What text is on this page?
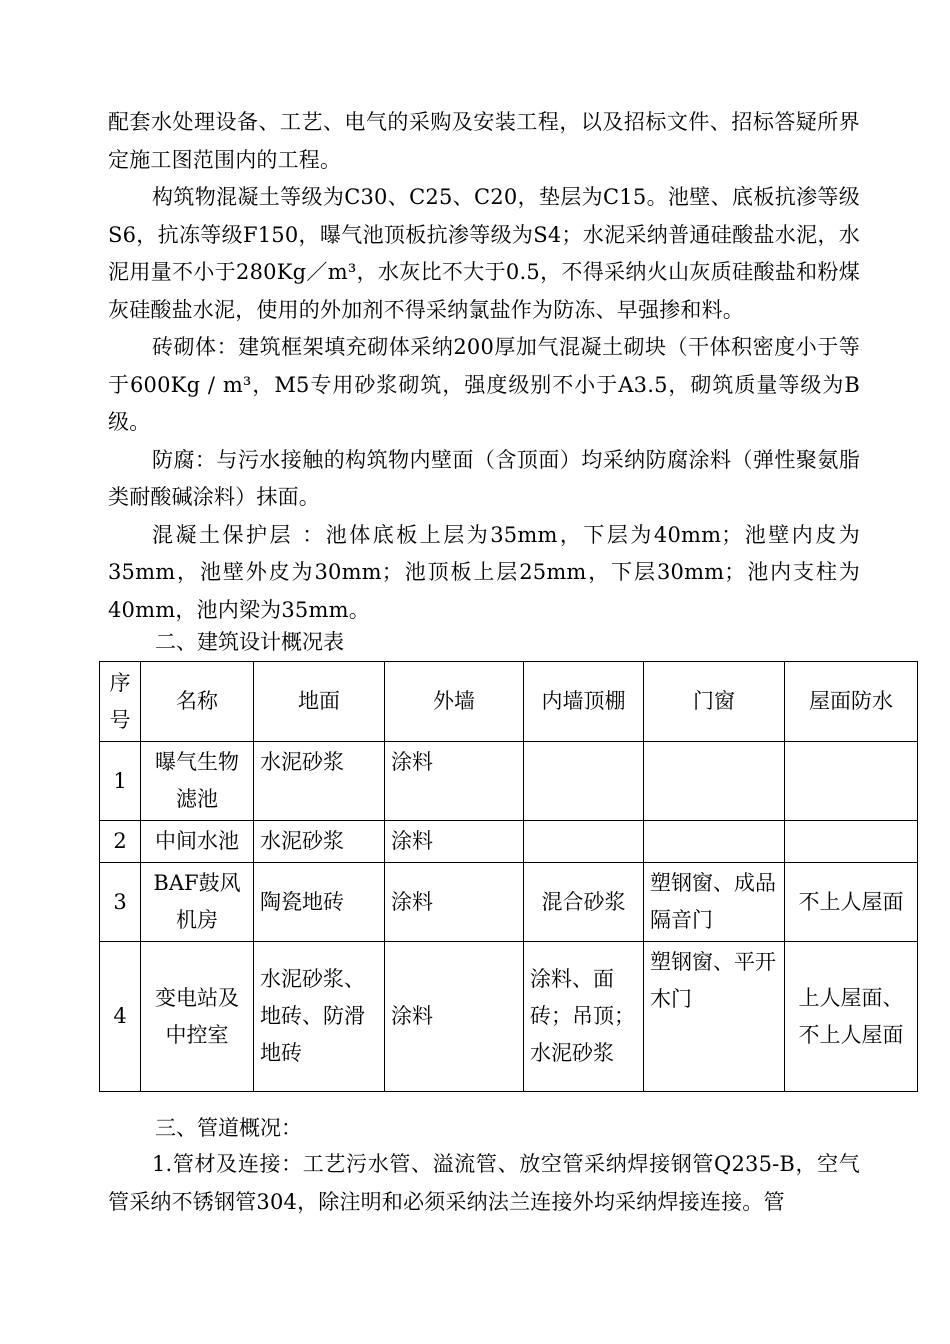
配套水处理设备、工艺、电气的采购及安装工程，以及招标文件、招标答疑所界定施工图范围内的工程。

构筑物混凝土等级为C30、C25、C20，垫层为C15。池壁、底板抗渗等级S6，抗冻等级F150，曝气池顶板抗渗等级为S4；水泥采纳普通硅酸盐水泥，水泥用量不小于280Kg／m³，水灰比不大于0.5，不得采纳火山灰质硅酸盐和粉煤灰硅酸盐水泥，使用的外加剂不得采纳氯盐作为防冻、早强掺和料。

砖砌体：建筑框架填充砌体采纳200厚加气混凝土砌块（干体积密度小于等于600Kg / m³，M5专用砂浆砌筑，强度级别不小于A3.5，砌筑质量等级为B级。

防腐：与污水接触的构筑物内壁面（含顶面）均采纳防腐涂料（弹性聚氨脂类耐酸碱涂料）抹面。

混凝土保护层 ：池体底板上层为35mm，下层为40mm；池壁内皮为35mm，池壁外皮为30mm；池顶板上层25mm，下层30mm；池内支柱为40mm，池内梁为35mm。

二、建筑设计概况表
序号	名称	地面	外墙	内墙顶棚	门窗	屋面防水
1	曝气生物滤池	水泥砂浆	涂料			
2	中间水池	水泥砂浆	涂料			
3	BAF鼓风机房	陶瓷地砖	涂料	混合砂浆	塑钢窗、成品隔音门	不上人屋面
4	变电站及中控室	水泥砂浆、地砖、防滑地砖	涂料	涂料、面砖；吊顶；水泥砂浆	塑钢窗、平开木门	上人屋面、不上人屋面
三、管道概况：

1.管材及连接：工艺污水管、溢流管、放空管采纳焊接钢管Q235-B，空气管采纳不锈钢管304，除注明和必须采纳法兰连接外均采纳焊接连接。管
